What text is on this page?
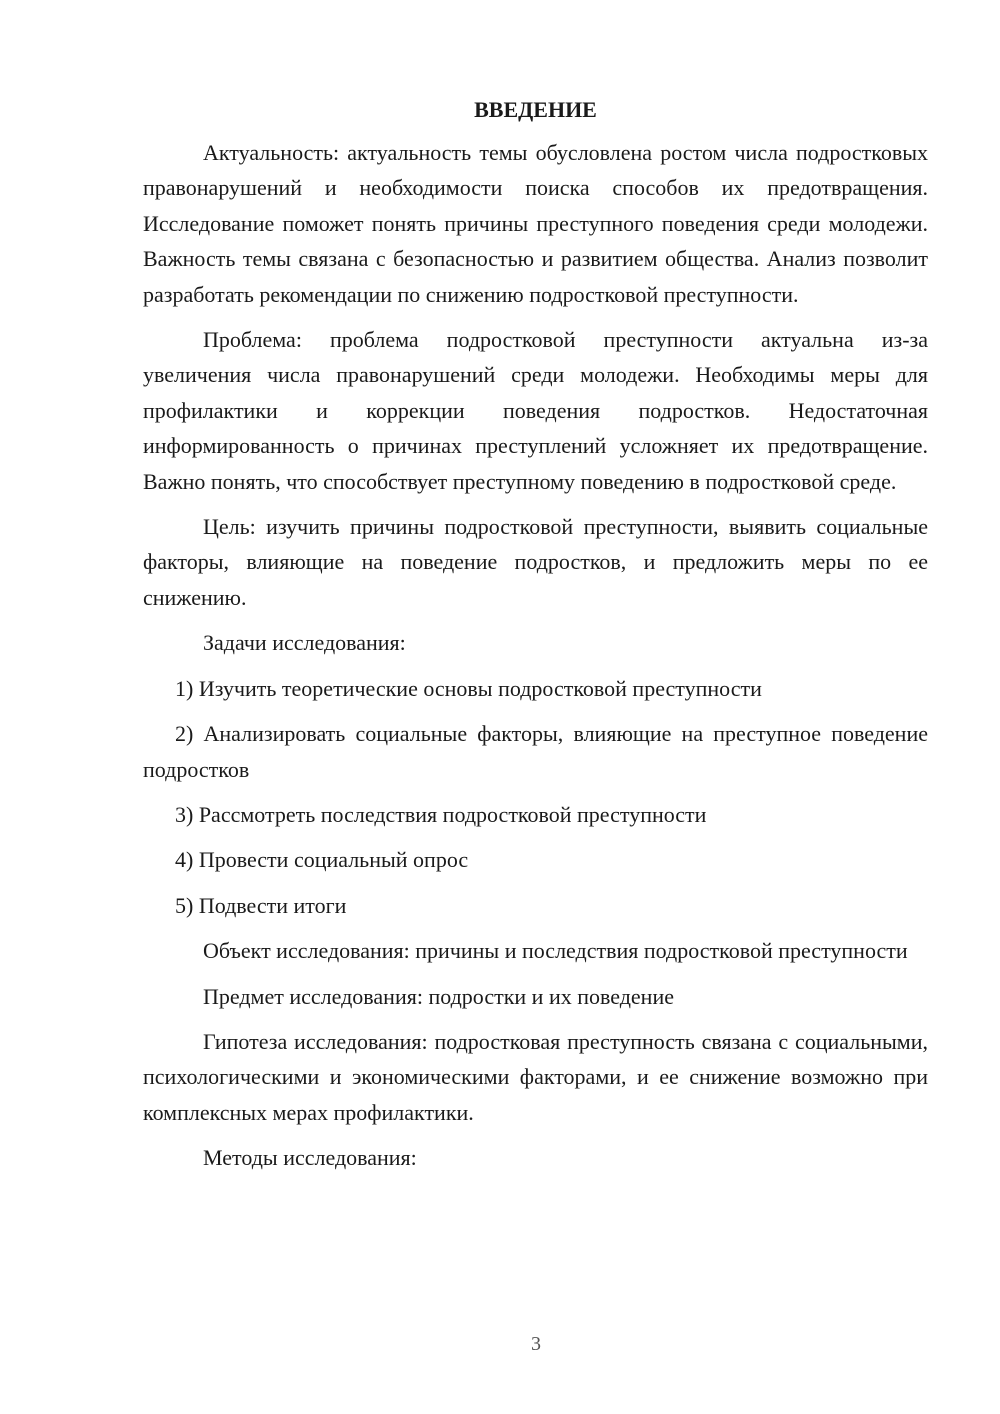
ВВЕДЕНИЕ

Актуальность: актуальность темы обусловлена ростом числа подростковых правонарушений и необходимости поиска способов их предотвращения. Исследование поможет понять причины преступного поведения среди молодежи. Важность темы связана с безопасностью и развитием общества. Анализ позволит разработать рекомендации по снижению подростковой преступности.

Проблема: проблема подростковой преступности актуальна из-за увеличения числа правонарушений среди молодежи. Необходимы меры для профилактики и коррекции поведения подростков. Недостаточная информированность о причинах преступлений усложняет их предотвращение. Важно понять, что способствует преступному поведению в подростковой среде.

Цель: изучить причины подростковой преступности, выявить социальные факторы, влияющие на поведение подростков, и предложить меры по ее снижению.

Задачи исследования:

1) Изучить теоретические основы подростковой преступности

2) Анализировать социальные факторы, влияющие на преступное поведение подростков

3) Рассмотреть последствия подростковой преступности

4) Провести социальный опрос

5) Подвести итоги

Объект исследования: причины и последствия подростковой преступности

Предмет исследования: подростки и их поведение

Гипотеза исследования: подростковая преступность связана с социальными, психологическими и экономическими факторами, и ее снижение возможно при комплексных мерах профилактики.

Методы исследования:

3
